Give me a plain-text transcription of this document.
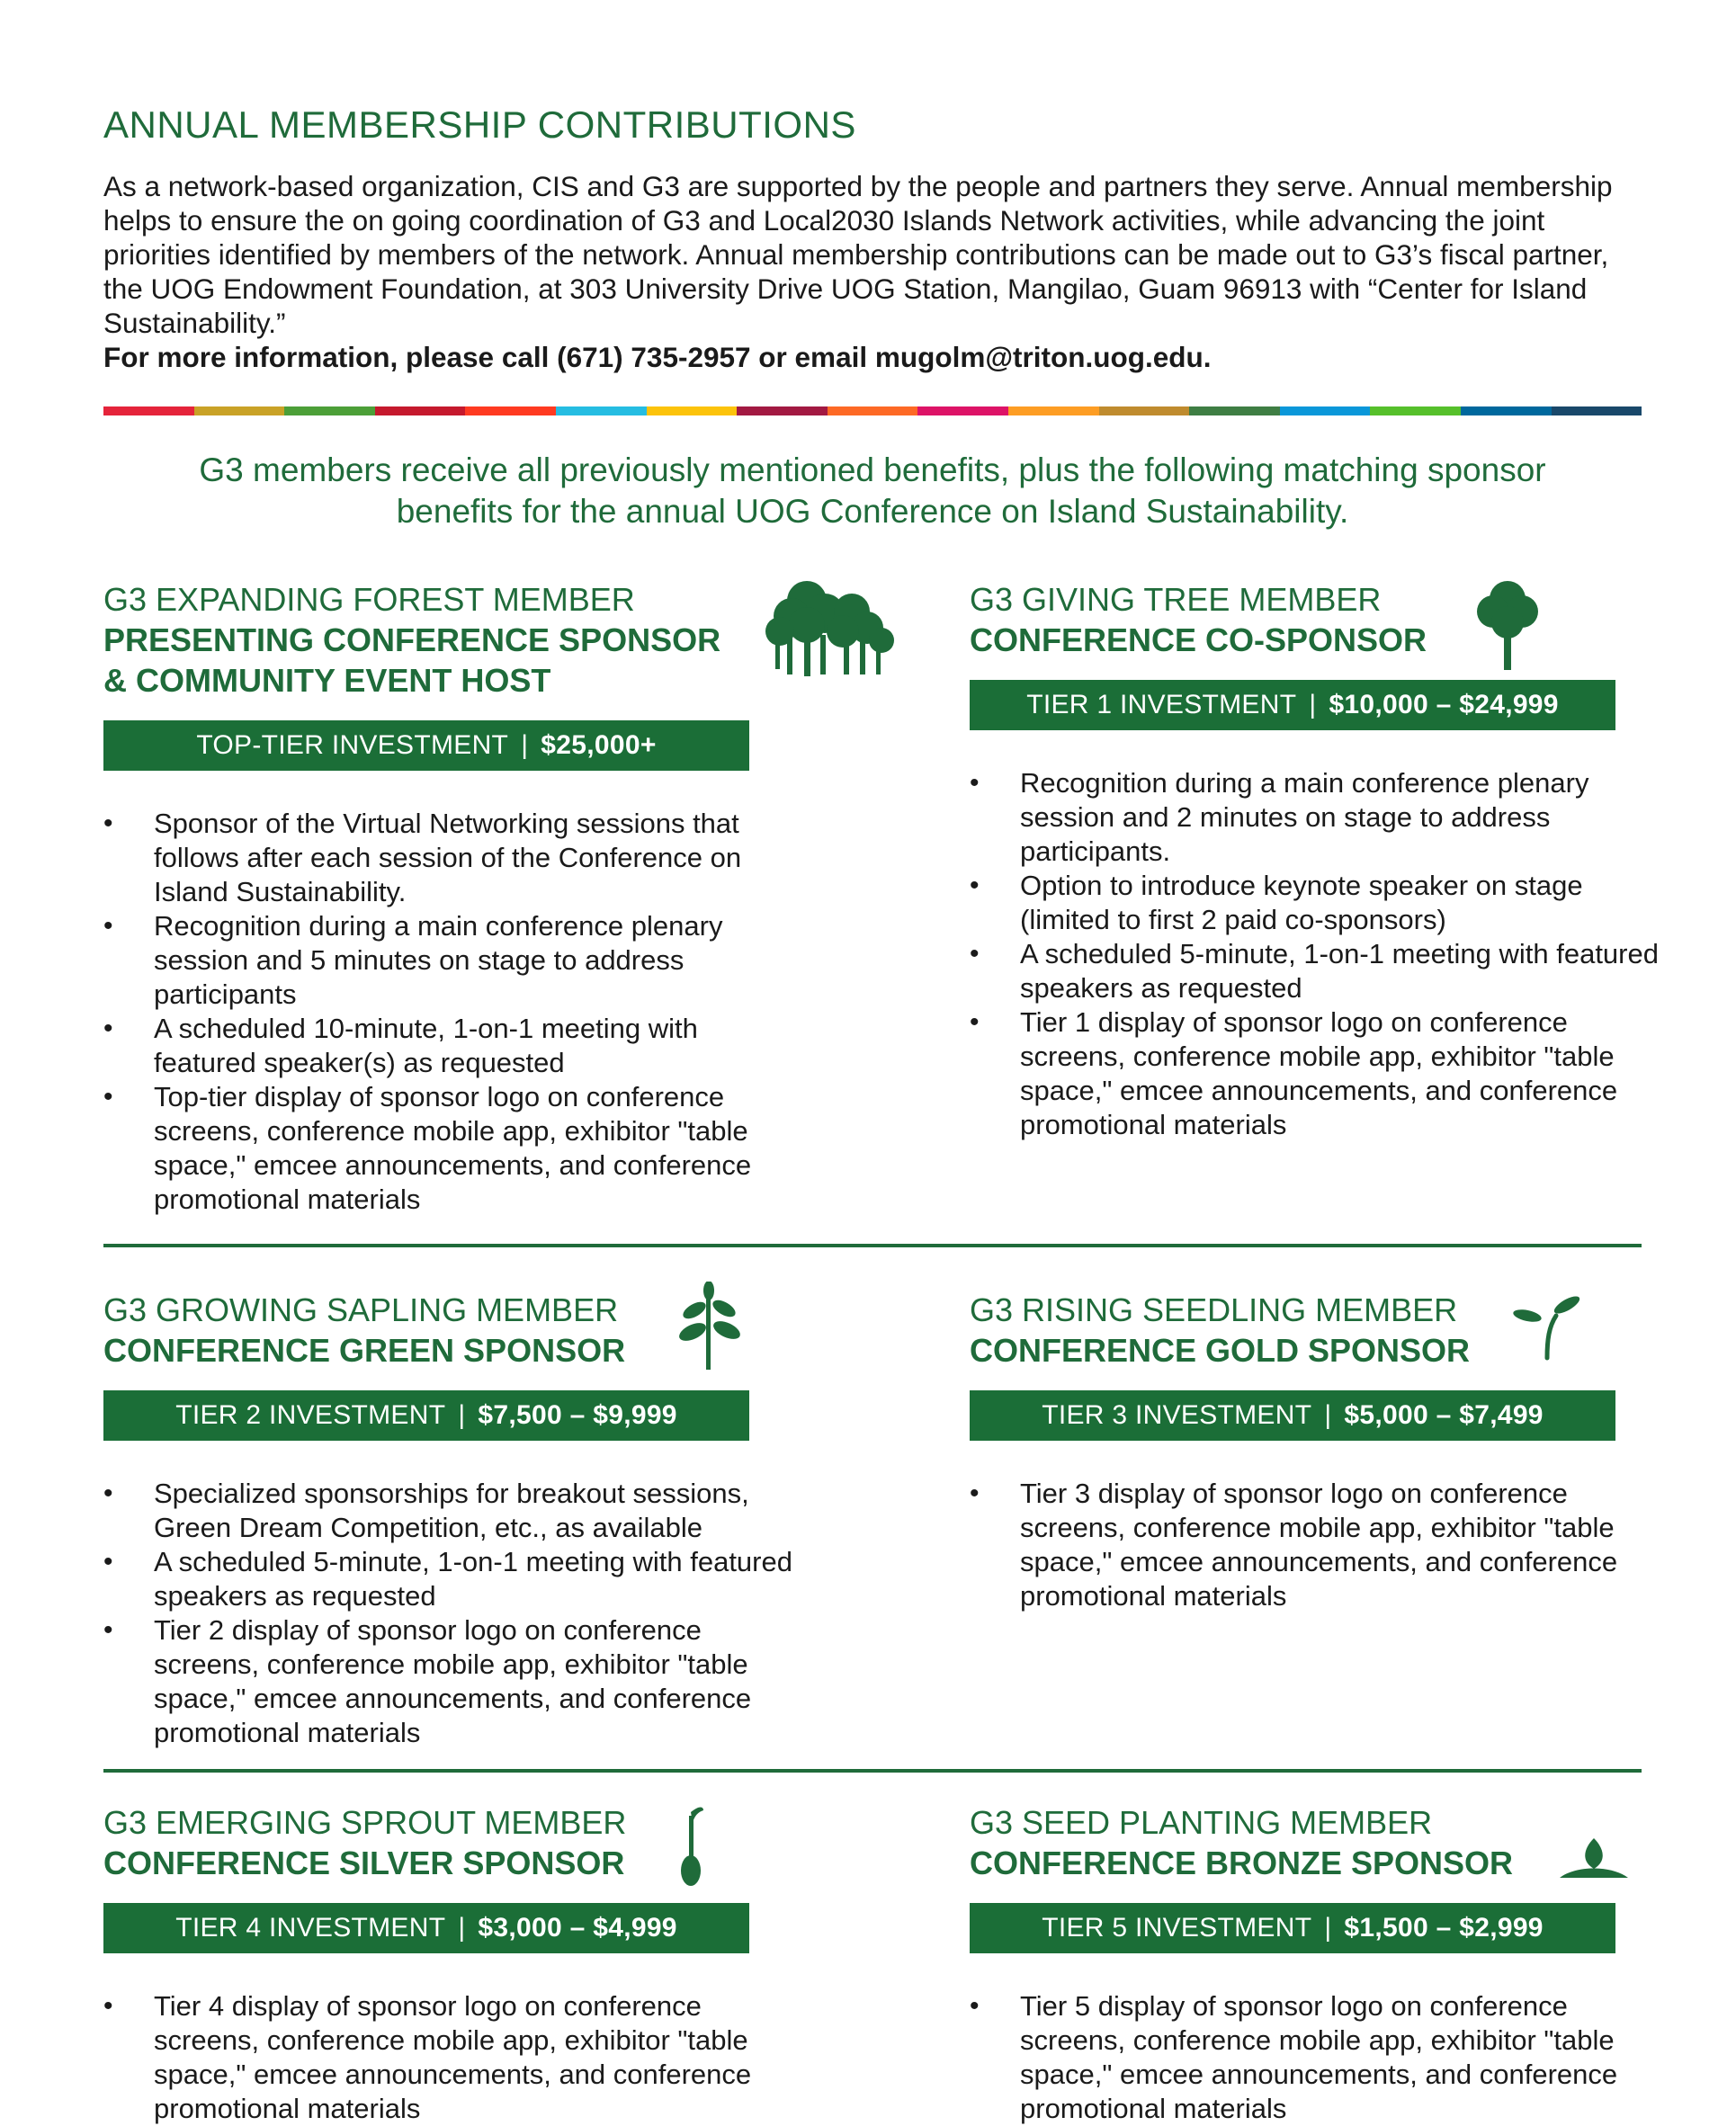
ANNUAL MEMBERSHIP CONTRIBUTIONS
As a network-based organization, CIS and G3 are supported by the people and partners they serve. Annual membership helps to ensure the on going coordination of G3 and Local2030 Islands Network activities, while advancing the joint priorities identified by members of the network. Annual membership contributions can be made out to G3’s fiscal partner, the UOG Endowment Foundation, at 303 University Drive UOG Station, Mangilao, Guam 96913 with “Center for Island Sustainability.”
For more information, please call (671) 735-2957 or email mugolm@triton.uog.edu.
G3 members receive all previously mentioned benefits, plus the following matching sponsor benefits for the annual UOG Conference on Island Sustainability.
G3 EXPANDING FOREST MEMBER
PRESENTING CONFERENCE SPONSOR
& COMMUNITY EVENT HOST
TOP-TIER INVESTMENT | $25,000+
• Sponsor of the Virtual Networking sessions that follows after each session of the Conference on Island Sustainability.
• Recognition during a main conference plenary session and 5 minutes on stage to address participants
• A scheduled 10-minute, 1-on-1 meeting with featured speaker(s) as requested
• Top-tier display of sponsor logo on conference screens, conference mobile app, exhibitor "table space," emcee announcements, and conference promotional materials
G3 GIVING TREE MEMBER
CONFERENCE CO-SPONSOR
TIER 1 INVESTMENT | $10,000 – $24,999
• Recognition during a main conference plenary session and 2 minutes on stage to address participants.
• Option to introduce keynote speaker on stage (limited to first 2 paid co-sponsors)
• A scheduled 5-minute, 1-on-1 meeting with featured speakers as requested
• Tier 1 display of sponsor logo on conference screens, conference mobile app, exhibitor "table space," emcee announcements, and conference promotional materials
G3 GROWING SAPLING MEMBER
CONFERENCE GREEN SPONSOR
TIER 2 INVESTMENT | $7,500 – $9,999
• Specialized sponsorships for breakout sessions, Green Dream Competition, etc., as available
• A scheduled 5-minute, 1-on-1 meeting with featured speakers as requested
• Tier 2 display of sponsor logo on conference screens, conference mobile app, exhibitor "table space," emcee announcements, and conference promotional materials
G3 RISING SEEDLING MEMBER
CONFERENCE GOLD SPONSOR
TIER 3 INVESTMENT | $5,000 – $7,499
• Tier 3 display of sponsor logo on conference screens, conference mobile app, exhibitor "table space," emcee announcements, and conference promotional materials
G3 EMERGING SPROUT MEMBER
CONFERENCE SILVER SPONSOR
TIER 4 INVESTMENT | $3,000 – $4,999
• Tier 4 display of sponsor logo on conference screens, conference mobile app, exhibitor "table space," emcee announcements, and conference promotional materials
G3 SEED PLANTING MEMBER
CONFERENCE BRONZE SPONSOR
TIER 5 INVESTMENT | $1,500 – $2,999
• Tier 5 display of sponsor logo on conference screens, conference mobile app, exhibitor "table space," emcee announcements, and conference promotional materials
